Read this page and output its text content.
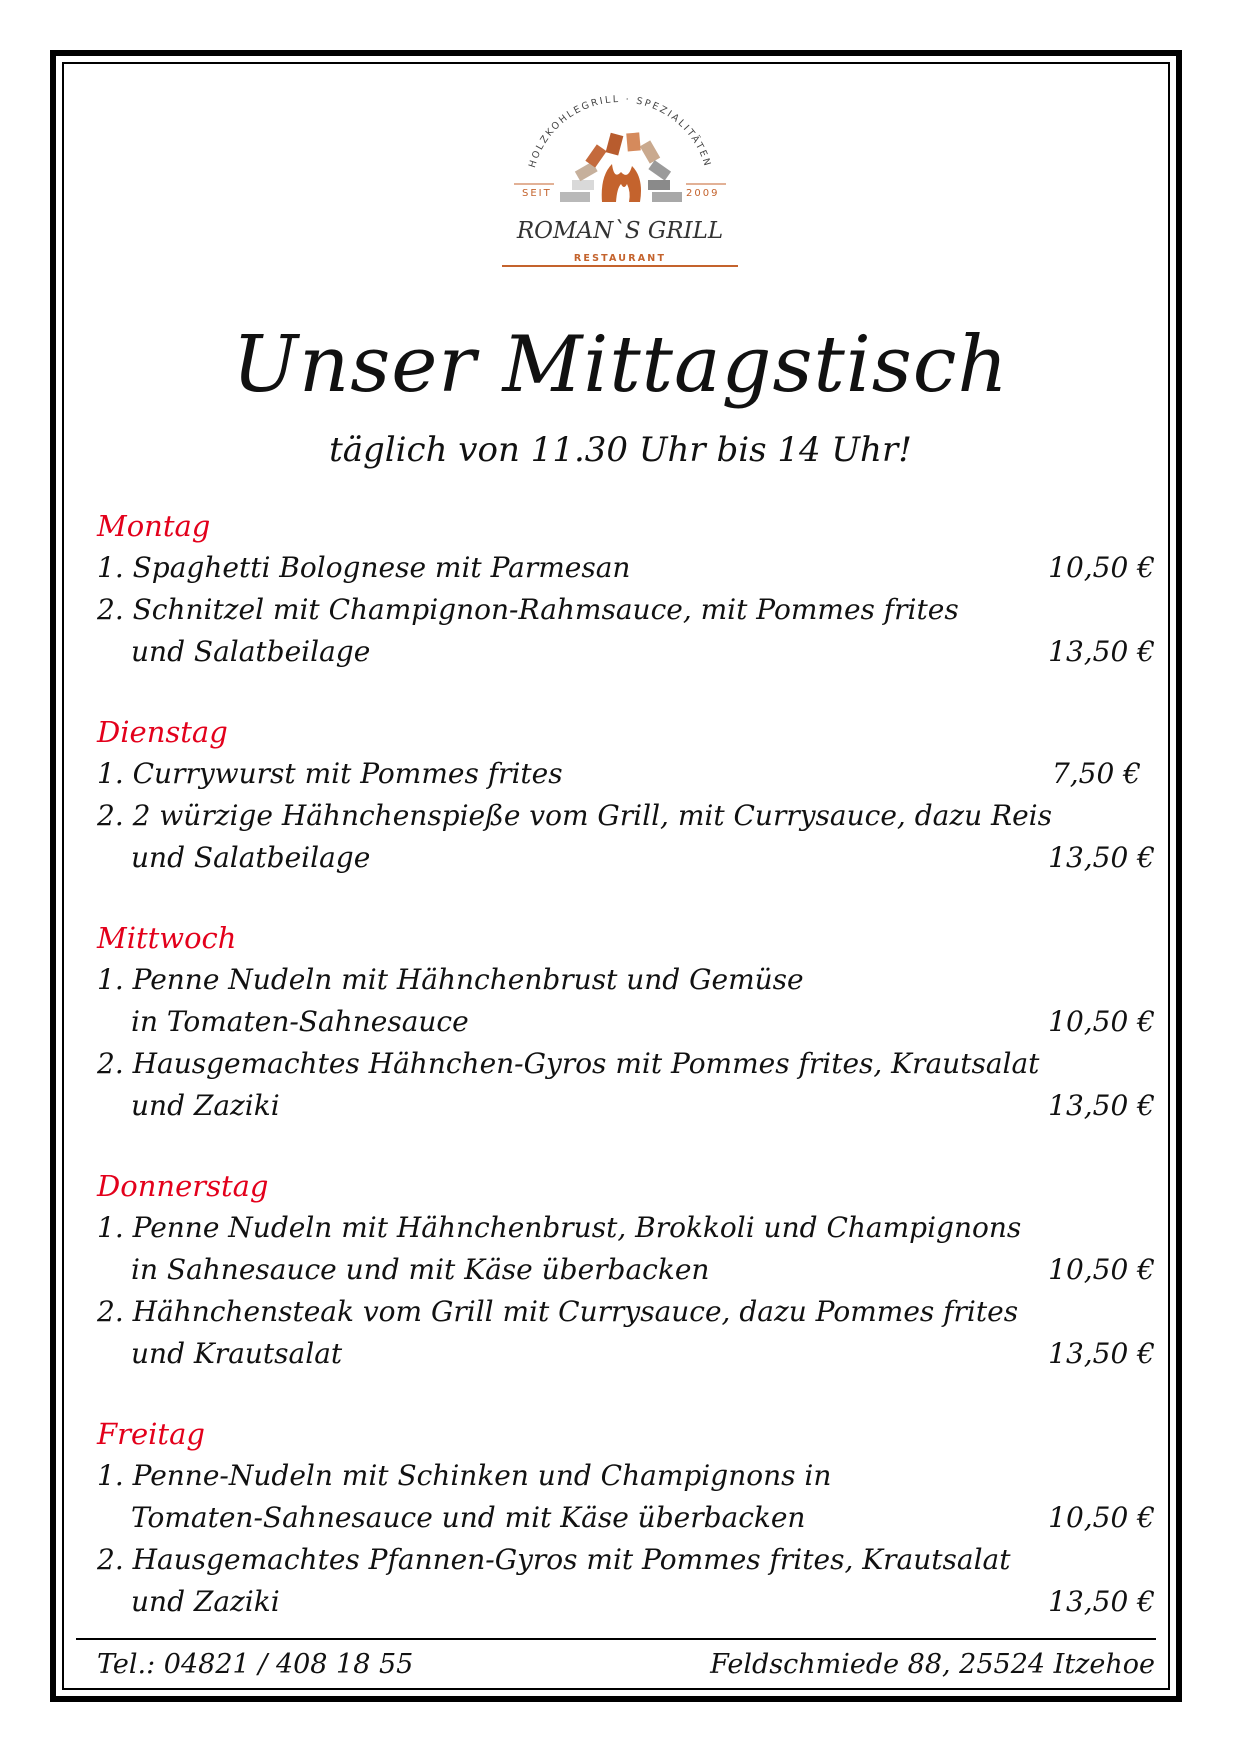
HOLZKOHLEGRILL · SPEZIALITÄTEN
SEIT	2009
ROMAN`S GRILL
RESTAURANT
Unser Mittagstisch
täglich von 11.30 Uhr bis 14 Uhr!
Montag
1. Spaghetti Bolognese mit Parmesan	10,50 €
2. Schnitzel mit Champignon-Rahmsauce, mit Pommes frites
und Salatbeilage	13,50 €
Dienstag
1. Currywurst mit Pommes frites	7,50 €
2. 2 würzige Hähnchenspieße vom Grill, mit Currysauce, dazu Reis
und Salatbeilage	13,50 €
Mittwoch
1. Penne Nudeln mit Hähnchenbrust und Gemüse
in Tomaten-Sahnesauce	10,50 €
2. Hausgemachtes Hähnchen-Gyros mit Pommes frites, Krautsalat
und Zaziki	13,50 €
Donnerstag
1. Penne Nudeln mit Hähnchenbrust, Brokkoli und Champignons
in Sahnesauce und mit Käse überbacken	10,50 €
2. Hähnchensteak vom Grill mit Currysauce, dazu Pommes frites
und Krautsalat	13,50 €
Freitag
1. Penne-Nudeln mit Schinken und Champignons in
Tomaten-Sahnesauce und mit Käse überbacken	10,50 €
2. Hausgemachtes Pfannen-Gyros mit Pommes frites, Krautsalat
und Zaziki	13,50 €
Tel.: 04821 / 408 18 55	Feldschmiede 88, 25524 Itzehoe
